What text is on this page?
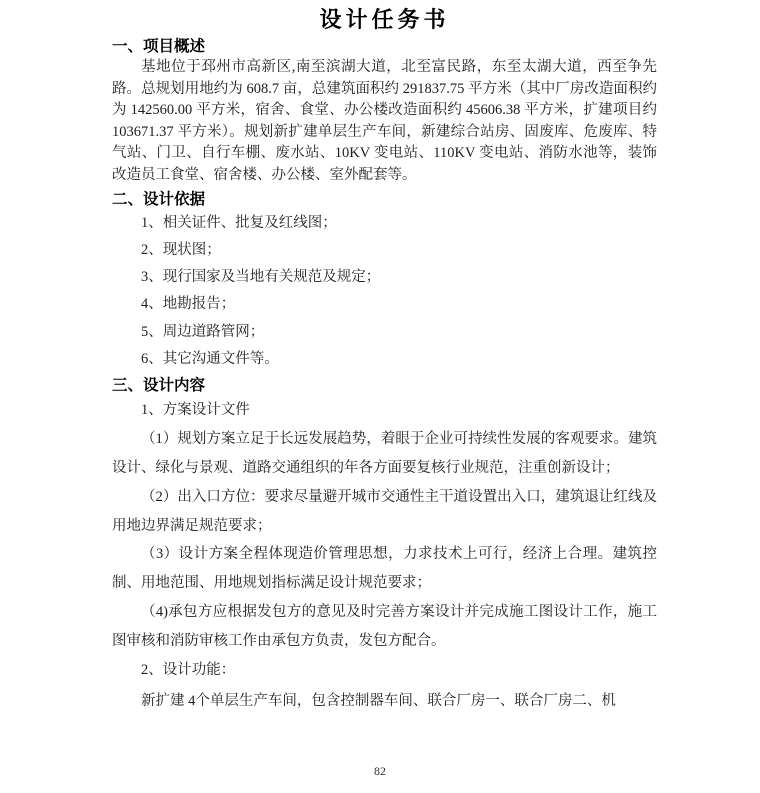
设计任务书
一、项目概述

基地位于邳州市高新区,南至滨湖大道，北至富民路，东至太湖大道，西至争先路。总规划用地约为 608.7 亩，总建筑面积约 291837.75 平方米（其中厂房改造面积约为 142560.00 平方米，宿舍、食堂、办公楼改造面积约 45606.38 平方米，扩建项目约 103671.37 平方米）。规划新扩建单层生产车间，新建综合站房、固废库、危废库、特气站、门卫、自行车棚、废水站、10KV 变电站、110KV 变电站、消防水池等，装饰改造员工食堂、宿舍楼、办公楼、室外配套等。

二、设计依据

1、相关证件、批复及红线图；

2、现状图；

3、现行国家及当地有关规范及规定；

4、地勘报告；

5、周边道路管网；

6、其它沟通文件等。

三、设计内容

1、方案设计文件

（1）规划方案立足于长远发展趋势，着眼于企业可持续性发展的客观要求。建筑设计、绿化与景观、道路交通组织的年各方面要复核行业规范，注重创新设计；

（2）出入口方位：要求尽量避开城市交通性主干道设置出入口，建筑退让红线及用地边界满足规范要求；

（3）设计方案全程体现造价管理思想，力求技术上可行，经济上合理。建筑控制、用地范围、用地规划指标满足设计规范要求；

（4)承包方应根据发包方的意见及时完善方案设计并完成施工图设计工作，施工图审核和消防审核工作由承包方负责，发包方配合。

2、设计功能：

新扩建 4个单层生产车间，包含控制器车间、联合厂房一、联合厂房二、机

82
